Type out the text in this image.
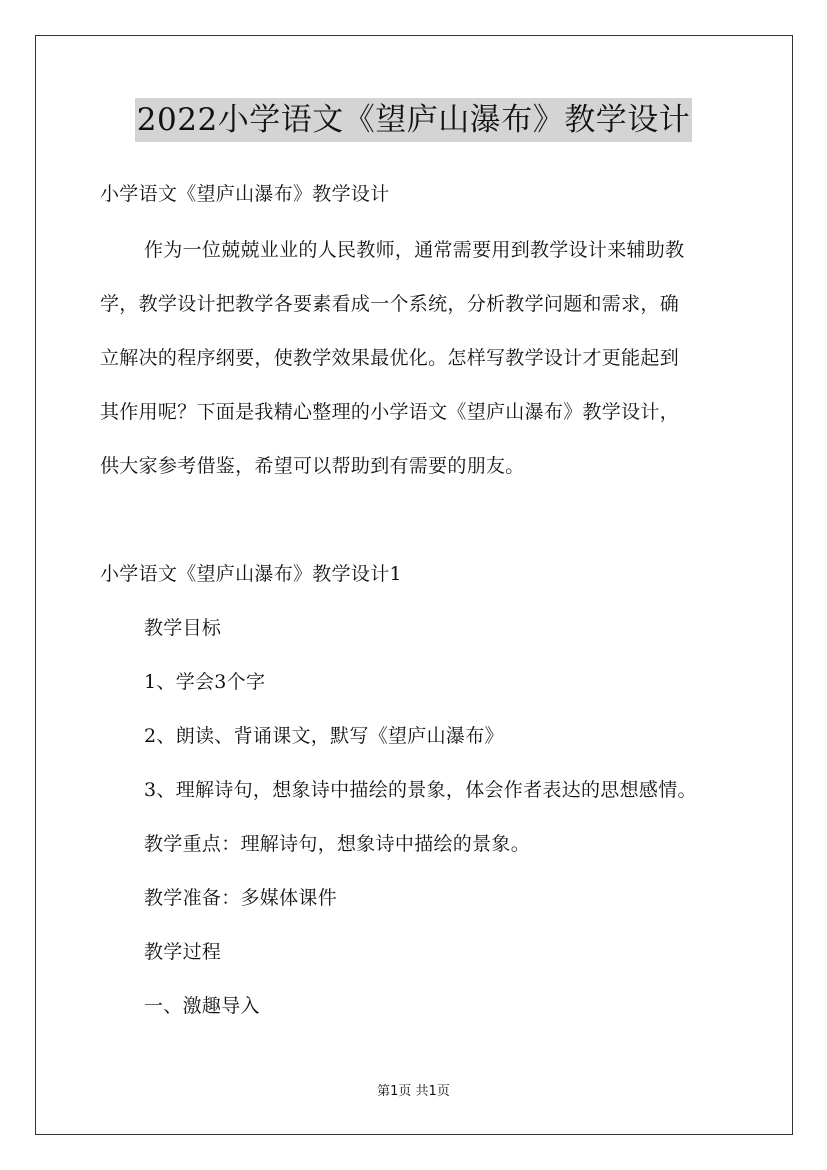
2022小学语文《望庐山瀑布》教学设计
小学语文《望庐山瀑布》教学设计
作为一位兢兢业业的人民教师，通常需要用到教学设计来辅助教
学，教学设计把教学各要素看成一个系统，分析教学问题和需求，确
立解决的程序纲要，使教学效果最优化。怎样写教学设计才更能起到
其作用呢？下面是我精心整理的小学语文《望庐山瀑布》教学设计，
供大家参考借鉴，希望可以帮助到有需要的朋友。
小学语文《望庐山瀑布》教学设计1
教学目标
1、学会3个字
2、朗读、背诵课文，默写《望庐山瀑布》
3、理解诗句，想象诗中描绘的景象，体会作者表达的思想感情。
教学重点：理解诗句，想象诗中描绘的景象。
教学准备：多媒体课件
教学过程
一、激趣导入
第1页 共1页
